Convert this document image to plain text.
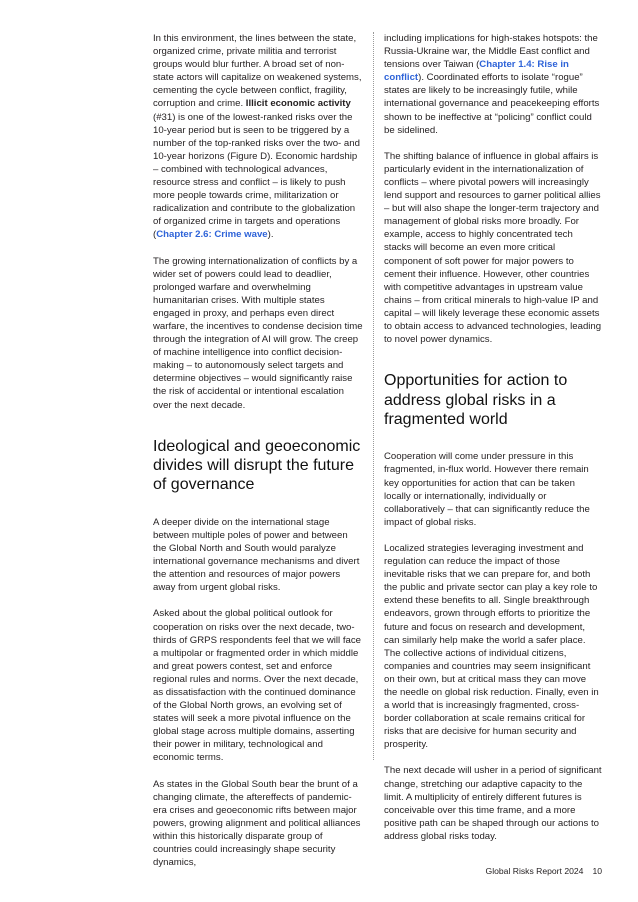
In this environment, the lines between the state, organized crime, private militia and terrorist groups would blur further. A broad set of non-state actors will capitalize on weakened systems, cementing the cycle between conflict, fragility, corruption and crime. Illicit economic activity (#31) is one of the lowest-ranked risks over the 10-year period but is seen to be triggered by a number of the top-ranked risks over the two- and 10-year horizons (Figure D). Economic hardship – combined with technological advances, resource stress and conflict – is likely to push more people towards crime, militarization or radicalization and contribute to the globalization of organized crime in targets and operations (Chapter 2.6: Crime wave).

The growing internationalization of conflicts by a wider set of powers could lead to deadlier, prolonged warfare and overwhelming humanitarian crises. With multiple states engaged in proxy, and perhaps even direct warfare, the incentives to condense decision time through the integration of AI will grow. The creep of machine intelligence into conflict decision-making – to autonomously select targets and determine objectives – would significantly raise the risk of accidental or intentional escalation over the next decade.

Ideological and geoeconomic divides will disrupt the future of governance

A deeper divide on the international stage between multiple poles of power and between the Global North and South would paralyze international governance mechanisms and divert the attention and resources of major powers away from urgent global risks.

Asked about the global political outlook for cooperation on risks over the next decade, two-thirds of GRPS respondents feel that we will face a multipolar or fragmented order in which middle and great powers contest, set and enforce regional rules and norms. Over the next decade, as dissatisfaction with the continued dominance of the Global North grows, an evolving set of states will seek a more pivotal influence on the global stage across multiple domains, asserting their power in military, technological and economic terms.

As states in the Global South bear the brunt of a changing climate, the aftereffects of pandemic-era crises and geoeconomic rifts between major powers, growing alignment and political alliances within this historically disparate group of countries could increasingly shape security dynamics,

including implications for high-stakes hotspots: the Russia-Ukraine war, the Middle East conflict and tensions over Taiwan (Chapter 1.4: Rise in conflict). Coordinated efforts to isolate “rogue” states are likely to be increasingly futile, while international governance and peacekeeping efforts shown to be ineffective at “policing” conflict could be sidelined.

The shifting balance of influence in global affairs is particularly evident in the internationalization of conflicts – where pivotal powers will increasingly lend support and resources to garner political allies – but will also shape the longer-term trajectory and management of global risks more broadly. For example, access to highly concentrated tech stacks will become an even more critical component of soft power for major powers to cement their influence. However, other countries with competitive advantages in upstream value chains – from critical minerals to high-value IP and capital – will likely leverage these economic assets to obtain access to advanced technologies, leading to novel power dynamics.

Opportunities for action to address global risks in a fragmented world

Cooperation will come under pressure in this fragmented, in-flux world. However there remain key opportunities for action that can be taken locally or internationally, individually or collaboratively – that can significantly reduce the impact of global risks.

Localized strategies leveraging investment and regulation can reduce the impact of those inevitable risks that we can prepare for, and both the public and private sector can play a key role to extend these benefits to all. Single breakthrough endeavors, grown through efforts to prioritize the future and focus on research and development, can similarly help make the world a safer place. The collective actions of individual citizens, companies and countries may seem insignificant on their own, but at critical mass they can move the needle on global risk reduction. Finally, even in a world that is increasingly fragmented, cross-border collaboration at scale remains critical for risks that are decisive for human security and prosperity.

The next decade will usher in a period of significant change, stretching our adaptive capacity to the limit. A multiplicity of entirely different futures is conceivable over this time frame, and a more positive path can be shaped through our actions to address global risks today.

Global Risks Report 2024 10
